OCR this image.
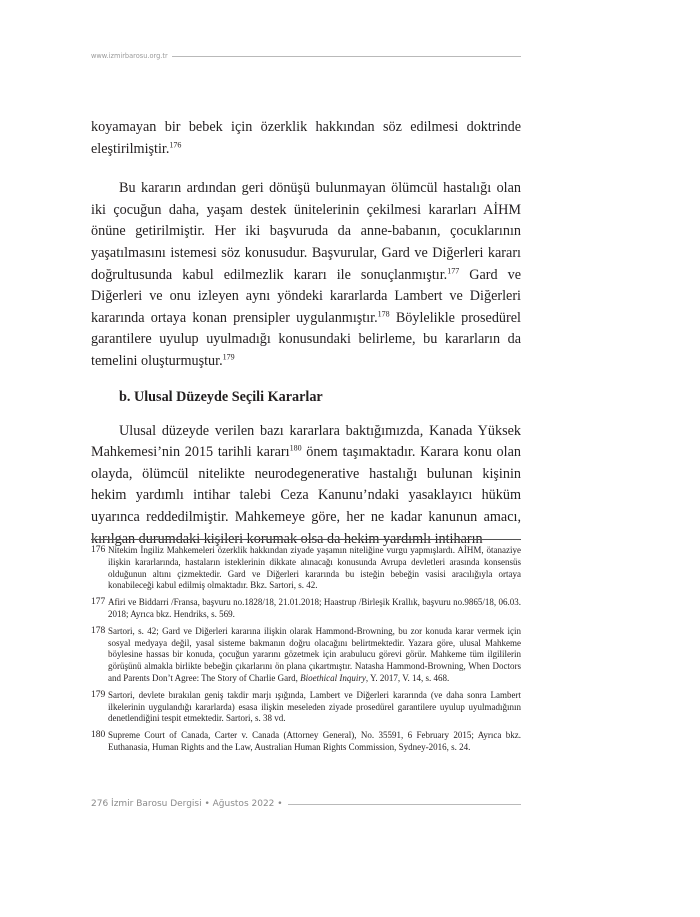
www.izmirbarosu.org.tr

koyamayan bir bebek için özerklik hakkından söz edilmesi doktrinde eleştirilmiştir.$^{176}$

Bu kararın ardından geri dönüşü bulunmayan ölümcül hastalığı olan iki çocuğun daha, yaşam destek ünitelerinin çekilmesi kararları AİHM önüne getirilmiştir. Her iki başvuruda da anne-babanın, çocuklarının yaşatılmasını istemesi söz konusudur. Başvurular, Gard ve Diğerleri kararı doğrultusunda kabul edilmezlik kararı ile sonuçlanmıştır.$^{177}$ Gard ve Diğerleri ve onu izleyen aynı yöndeki kararlarda Lambert ve Diğerleri kararında ortaya konan prensipler uygulanmıştır.$^{178}$ Böylelikle prosedürel garantilere uyulup uyulmadığı konusundaki belirleme, bu kararların da temelini oluşturmuştur.$^{179}$

b. Ulusal Düzeyde Seçili Kararlar

Ulusal düzeyde verilen bazı kararlara baktığımızda, Kanada Yüksek Mahkemesi’nin 2015 tarihli kararı$^{180}$ önem taşımaktadır. Karara konu olan olayda, ölümcül nitelikte neurodegenerative hastalığı bulunan kişinin hekim yardımlı intihar talebi Ceza Kanunu’ndaki yasaklayıcı hüküm uyarınca reddedilmiştir. Mahkemeye göre, her ne kadar kanunun amacı, kırılgan durumdaki kişileri korumak olsa da hekim yardımlı intiharın

176 Nitekim İngiliz Mahkemeleri özerklik hakkından ziyade yaşamın niteliğine vurgu yapmışlardı. AİHM, ötanaziye ilişkin kararlarında, hastaların isteklerinin dikkate alınacağı konusunda Avrupa devletleri arasında konsensüs olduğunun altını çizmektedir. Gard ve Diğerleri kararında bu isteğin bebeğin vasisi aracılığıyla ortaya konabileceği kabul edilmiş olmaktadır. Bkz. Sartori, s. 42.
177 Afiri ve Biddarri /Fransa, başvuru no.1828/18, 21.01.2018; Haastrup /Birleşik Krallık, başvuru no.9865/18, 06.03. 2018; Ayrıca bkz. Hendriks, s. 569.
178 Sartori, s. 42; Gard ve Diğerleri kararına ilişkin olarak Hammond-Browning, bu zor konuda karar vermek için sosyal medyaya değil, yasal sisteme bakmanın doğru olacağını belirtmektedir. Yazara göre, ulusal Mahkeme böylesine hassas bir konuda, çocuğun yararını gözetmek için arabulucu görevi görür. Mahkeme tüm ilgililerin görüşünü almakla birlikte bebeğin çıkarlarını ön plana çıkartmıştır. Natasha Hammond-Browning, When Doctors and Parents Don’t Agree: The Story of Charlie Gard, Bioethical Inquiry, Y. 2017, V. 14, s. 468.
179 Sartori, devlete bırakılan geniş takdir marjı ışığında, Lambert ve Diğerleri kararında (ve daha sonra Lambert ilkelerinin uygulandığı kararlarda) esasa ilişkin meseleden ziyade prosedürel garantilere uyulup uyulmadığının denetlendiğini tespit etmektedir. Sartori, s. 38 vd.
180 Supreme Court of Canada, Carter v. Canada (Attorney General), No. 35591, 6 February 2015; Ayrıca bkz. Euthanasia, Human Rights and the Law, Australian Human Rights Commission, Sydney-2016, s. 24.
276 İzmir Barosu Dergisi • Ağustos 2022 •
